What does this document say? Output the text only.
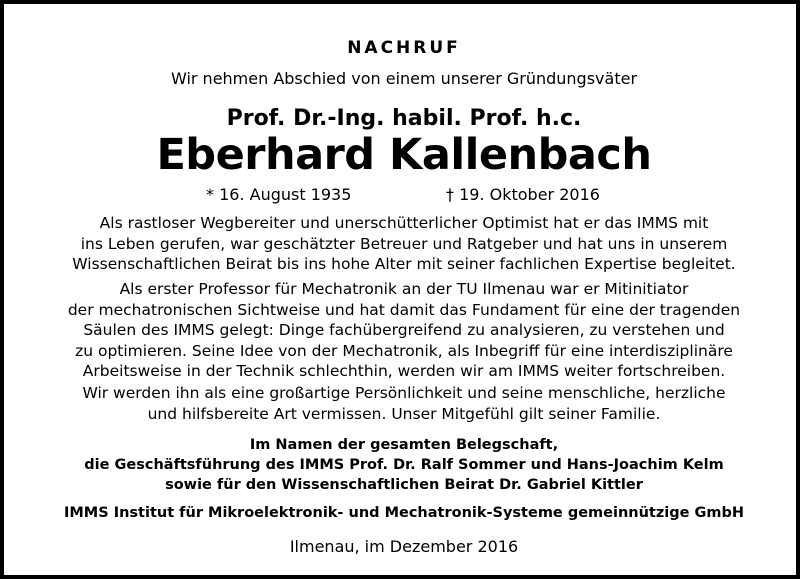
NACHRUF
Wir nehmen Abschied von einem unserer Gründungsväter
Prof. Dr.-Ing. habil. Prof. h.c.
Eberhard Kallenbach
* 16. August 1935	† 19. Oktober 2016
Als rastloser Wegbereiter und unerschütterlicher Optimist hat er das IMMS mit
ins Leben gerufen, war geschätzter Betreuer und Ratgeber und hat uns in unserem
Wissenschaftlichen Beirat bis ins hohe Alter mit seiner fachlichen Expertise begleitet.
Als erster Professor für Mechatronik an der TU Ilmenau war er Mitinitiator
der mechatronischen Sichtweise und hat damit das Fundament für eine der tragenden
Säulen des IMMS gelegt: Dinge fachübergreifend zu analysieren, zu verstehen und
zu optimieren. Seine Idee von der Mechatronik, als Inbegriff für eine interdisziplinäre
Arbeitsweise in der Technik schlechthin, werden wir am IMMS weiter fortschreiben.
Wir werden ihn als eine großartige Persönlichkeit und seine menschliche, herzliche
und hilfsbereite Art vermissen. Unser Mitgefühl gilt seiner Familie.
Im Namen der gesamten Belegschaft,
die Geschäftsführung des IMMS Prof. Dr. Ralf Sommer und Hans-Joachim Kelm
sowie für den Wissenschaftlichen Beirat Dr. Gabriel Kittler
IMMS Institut für Mikroelektronik- und Mechatronik-Systeme gemeinnützige GmbH
Ilmenau, im Dezember 2016
